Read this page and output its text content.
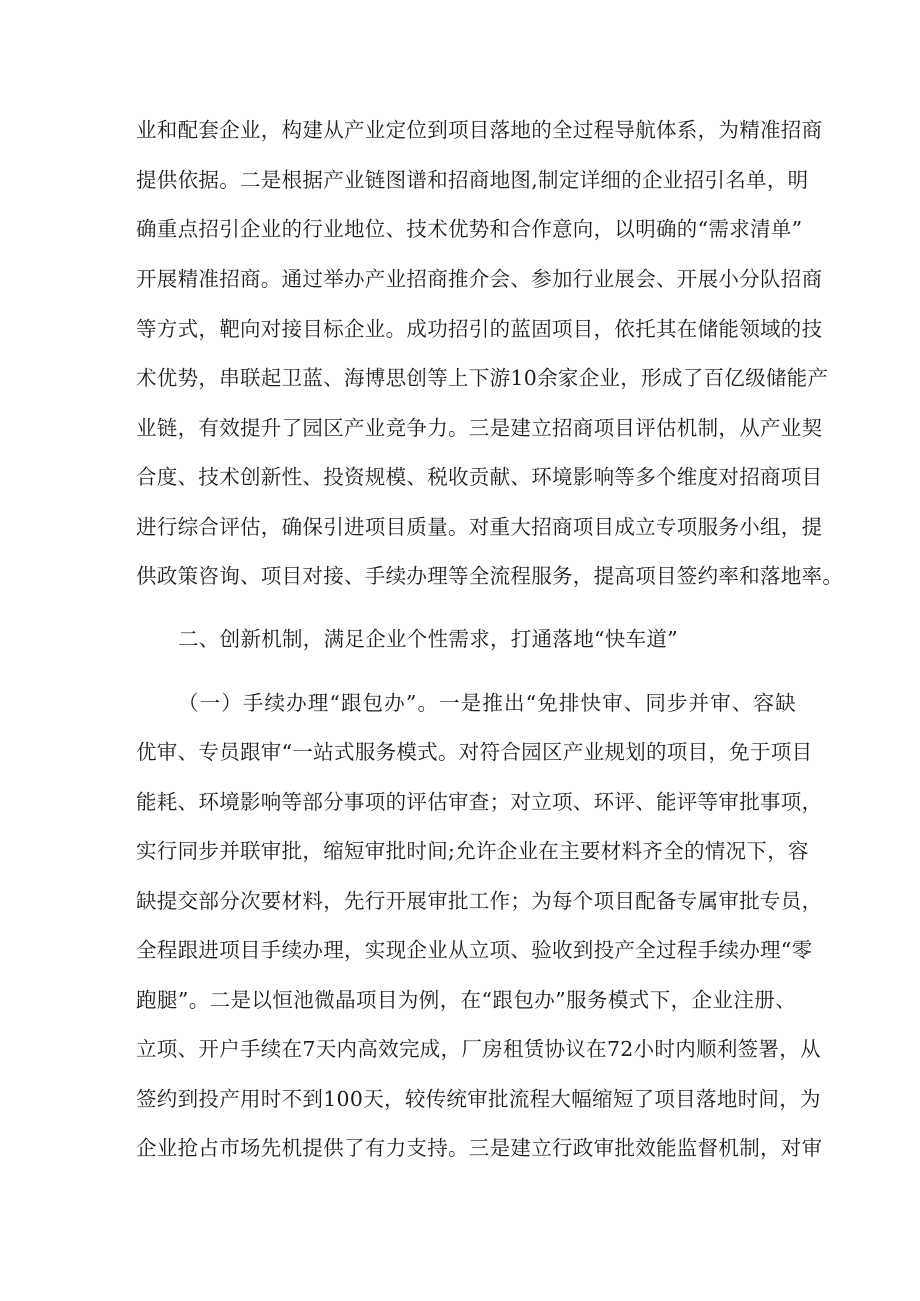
业和配套企业，构建从产业定位到项目落地的全过程导航体系，为精准招商
提供依据。二是根据产业链图谱和招商地图,制定详细的企业招引名单，明
确重点招引企业的行业地位、技术优势和合作意向，以明确的“需求清单”
开展精准招商。通过举办产业招商推介会、参加行业展会、开展小分队招商
等方式，靶向对接目标企业。成功招引的蓝固项目，依托其在储能领域的技
术优势，串联起卫蓝、海博思创等上下游10余家企业，形成了百亿级储能产
业链，有效提升了园区产业竞争力。三是建立招商项目评估机制，从产业契
合度、技术创新性、投资规模、税收贡献、环境影响等多个维度对招商项目
进行综合评估，确保引进项目质量。对重大招商项目成立专项服务小组，提
供政策咨询、项目对接、手续办理等全流程服务，提高项目签约率和落地率。
二、创新机制，满足企业个性需求，打通落地“快车道”
（一）手续办理“跟包办”。一是推出“免排快审、同步并审、容缺
优审、专员跟审“一站式服务模式。对符合园区产业规划的项目，免于项目
能耗、环境影响等部分事项的评估审查；对立项、环评、能评等审批事项，
实行同步并联审批，缩短审批时间;允许企业在主要材料齐全的情况下，容
缺提交部分次要材料，先行开展审批工作；为每个项目配备专属审批专员，
全程跟进项目手续办理，实现企业从立项、验收到投产全过程手续办理“零
跑腿”。二是以恒池微晶项目为例，在“跟包办”服务模式下，企业注册、
立项、开户手续在7天内高效完成，厂房租赁协议在72小时内顺利签署，从
签约到投产用时不到100天，较传统审批流程大幅缩短了项目落地时间，为
企业抢占市场先机提供了有力支持。三是建立行政审批效能监督机制，对审
